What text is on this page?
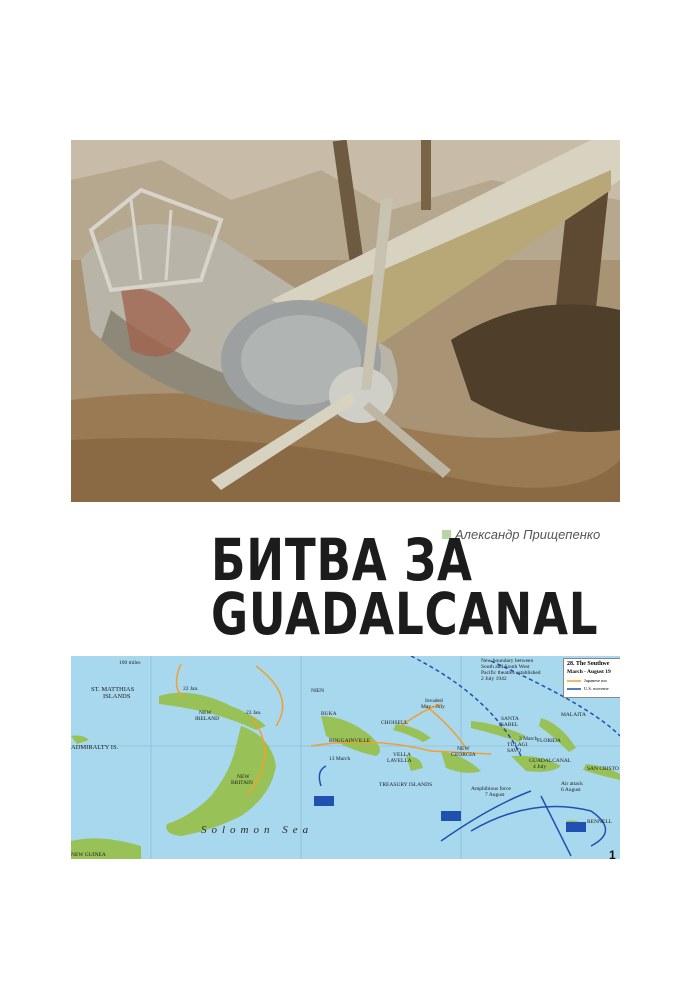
Александр Прищепенко
БИТВА ЗА
GUADALCANAL
ST. MATTHIAS
ISLANDS
ADMIRALTY IS.
NEW
IRELAND
NEW
BRITAIN
BOUGAINVILLE
BUKA
CHOISEUL
VELLA
LAVELLA
NEW
GEORGIA
SANTA
ISABEL
MALAITA
FLORIDA
TULAGI
SAVO
GUADALCANAL
SAN CRISTO
RENNELL
TREASURY ISLANDS
NEW GUINEA
Solomon Sea
Invaded
May - July
Amphibious force
7 August
Air attack
6 August
New boundary between
South and South West
Pacific theatres established
2 July 1942
22 Jan.
23 Jan.
13 March
3 March
4 July
100 miles
NIEN
28. The Southwe
March - August 19
Japanese mo
U.S. moveme
1
